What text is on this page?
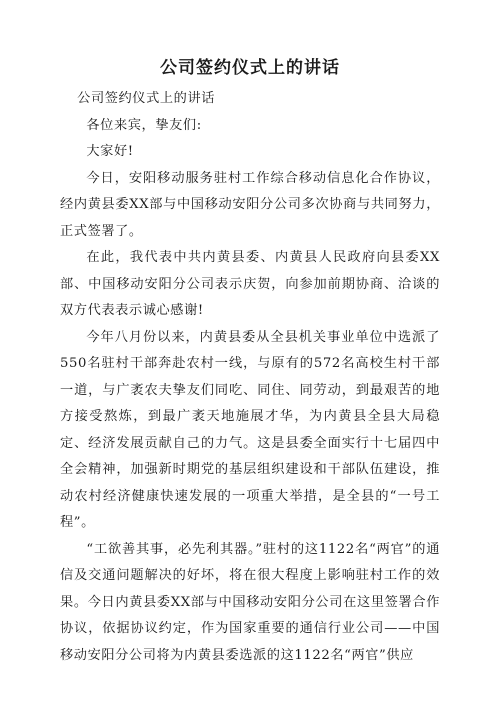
公司签约仪式上的讲话

公司签约仪式上的讲话

各位来宾，挚友们:

大家好!

今日，安阳移动服务驻村工作综合移动信息化合作协议，经内黄县委XX部与中国移动安阳分公司多次协商与共同努力，正式签署了。

在此，我代表中共内黄县委、内黄县人民政府向县委XX部、中国移动安阳分公司表示庆贺，向参加前期协商、洽谈的双方代表表示诚心感谢!

今年八月份以来，内黄县委从全县机关事业单位中选派了550名驻村干部奔赴农村一线，与原有的572名高校生村干部一道，与广袤农夫挚友们同吃、同住、同劳动，到最艰苦的地方接受熬炼，到最广袤天地施展才华，为内黄县全县大局稳定、经济发展贡献自己的力气。这是县委全面实行十七届四中全会精神，加强新时期党的基层组织建设和干部队伍建设，推动农村经济健康快速发展的一项重大举措，是全县的“一号工程”。

“工欲善其事，必先利其器。”驻村的这1122名“两官”的通信及交通问题解决的好坏，将在很大程度上影响驻村工作的效果。今日内黄县委XX部与中国移动安阳分公司在这里签署合作协议，依据协议约定，作为国家重要的通信行业公司——中国移动安阳分公司将为内黄县委选派的这1122名“两官”供应
